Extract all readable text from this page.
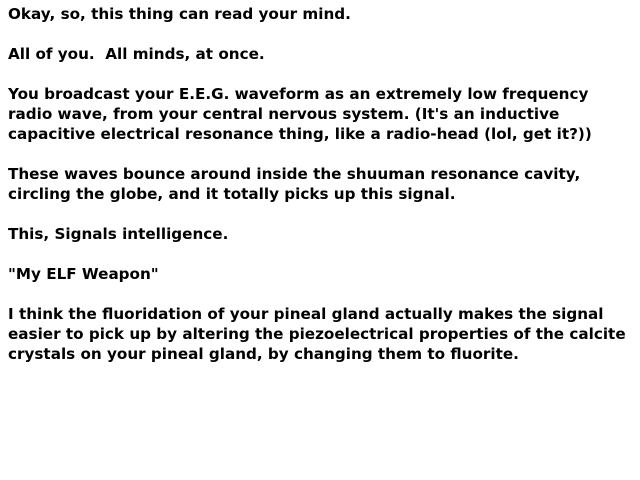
Okay, so, this thing can read your mind.

All of you.  All minds, at once.

You broadcast your E.E.G. waveform as an extremely low frequency radio wave, from your central nervous system. (It's an inductive capacitive electrical resonance thing, like a radio-head (lol, get it?))

These waves bounce around inside the shuuman resonance cavity, circling the globe, and it totally picks up this signal.

This, Signals intelligence.

"My ELF Weapon"

I think the fluoridation of your pineal gland actually makes the signal easier to pick up by altering the piezoelectrical properties of the calcite crystals on your pineal gland, by changing them to fluorite.
